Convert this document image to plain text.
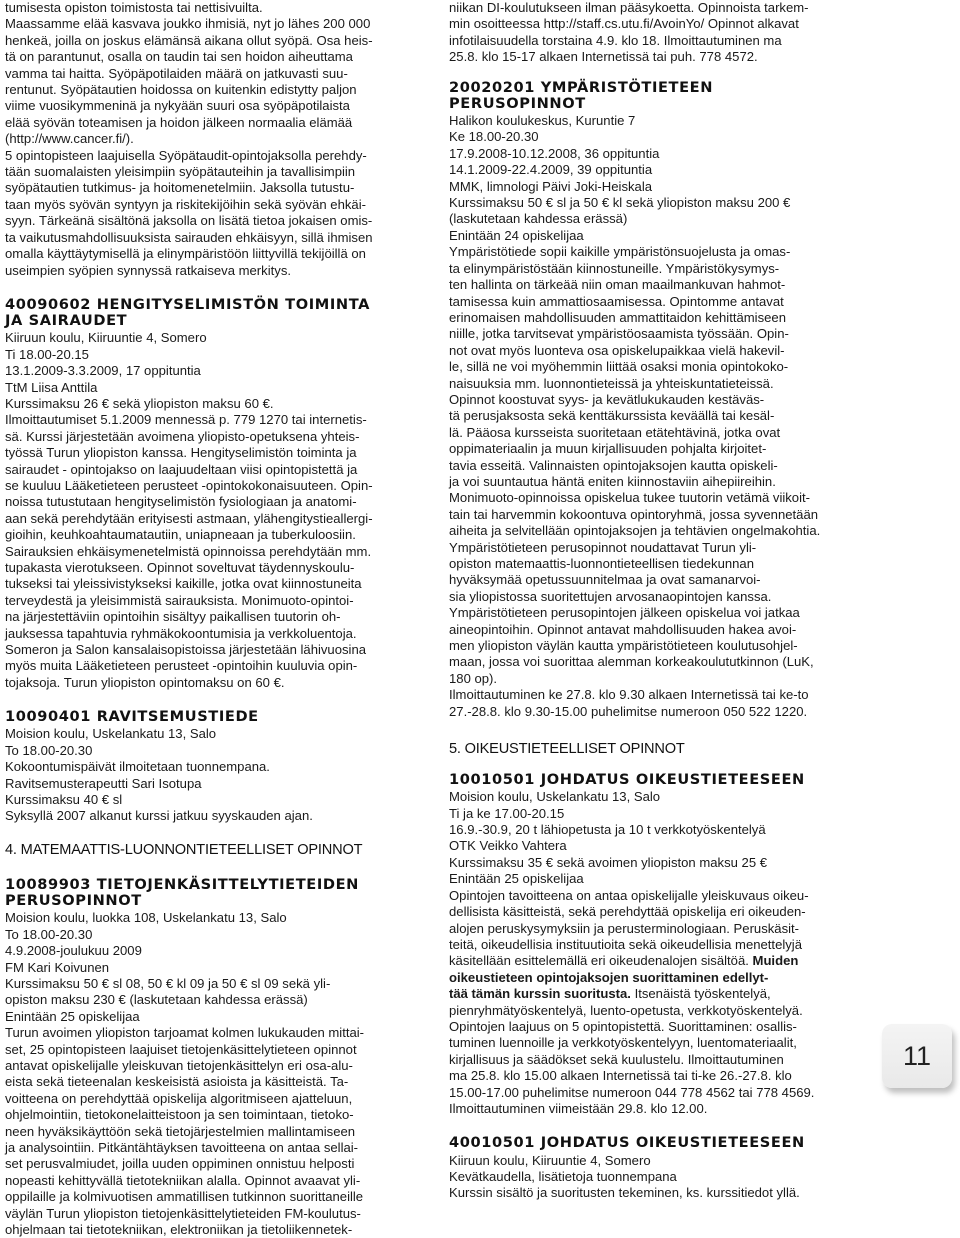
tumisesta opiston toimistosta tai nettisivuilta.
Maassamme elää kasvava joukko ihmisiä, nyt jo lähes 200 000
henkeä, joilla on joskus elämänsä aikana ollut syöpä. Osa heis-
tä on parantunut, osalla on taudin tai sen hoidon aiheuttama
vamma tai haitta. Syöpäpotilaiden määrä on jatkuvasti suu-
rentunut. Syöpätautien hoidossa on kuitenkin edistytty paljon
viime vuosikymmeninä ja nykyään suuri osa syöpäpotilaista
elää syövän toteamisen ja hoidon jälkeen normaalia elämää
(http://www.cancer.fi/).
5 opintopisteen laajuisella Syöpätaudit-opintojaksolla perehdy-
tään suomalaisten yleisimpiin syöpätauteihin ja tavallisimpiin
syöpätautien tutkimus- ja hoitomenetelmiin. Jaksolla tutustu-
taan myös syövän syntyyn ja riskitekijöihin sekä syövän ehkäi-
syyn. Tärkeänä sisältönä jaksolla on lisätä tietoa jokaisen omis-
ta vaikutusmahdollisuuksista sairauden ehkäisyyn, sillä ihmisen
omalla käyttäytymisellä ja elinympäristöön liittyvillä tekijöillä on
useimpien syöpien synnyssä ratkaiseva merkitys.
40090602 HENGITYSELIMISTÖN TOIMINTA
JA SAIRAUDET
Kiiruun koulu, Kiiruuntie 4, Somero
Ti 18.00-20.15
13.1.2009-3.3.2009, 17 oppituntia
TtM Liisa Anttila
Kurssimaksu 26 € sekä yliopiston maksu 60 €.
Ilmoittautumiset 5.1.2009 mennessä p. 779 1270 tai internetis-
sä. Kurssi järjestetään avoimena yliopisto-opetuksena yhteis-
työssä Turun yliopiston kanssa. Hengityselimistön toiminta ja
sairaudet - opintojakso on laajuudeltaan viisi opintopistettä ja
se kuuluu Lääketieteen perusteet -opintokokonaisuuteen. Opin-
noissa tutustutaan hengityselimistön fysiologiaan ja anatomi-
aan sekä perehdytään erityisesti astmaan, ylähengitystieallergi-
gioihin, keuhkoahtaumatautiin, uniapneaan ja tuberkuloosiin.
Sairauksien ehkäisymenetelmistä opinnoissa perehdytään mm.
tupakasta vierotukseen. Opinnot soveltuvat täydennyskoulu-
tukseksi tai yleissivistykseksi kaikille, jotka ovat kiinnostuneita
terveydestä ja yleisimmistä sairauksista. Monimuoto-opintoi-
na järjestettäviin opintoihin sisältyy paikallisen tuutorin oh-
jauksessa tapahtuvia ryhmäkokoontumisia ja verkkoluentoja.
Someron ja Salon kansalaisopistoissa järjestetään lähivuosina
myös muita Lääketieteen perusteet -opintoihin kuuluvia opin-
tojaksoja. Turun yliopiston opintomaksu on 60 €.
10090401 RAVITSEMUSTIEDE
Moision koulu, Uskelankatu 13, Salo
To 18.00-20.30
Kokoontumispäivät ilmoitetaan tuonnempana.
Ravitsemusterapeutti Sari Isotupa
Kurssimaksu 40 € sl
Syksyllä 2007 alkanut kurssi jatkuu syyskauden ajan.
4. MATEMAATTIS-LUONNONTIETEELLISET OPINNOT
10089903 TIETOJENKÄSITTELYTIETEIDEN
PERUSOPINNOT
Moision koulu, luokka 108, Uskelankatu 13, Salo
To 18.00-20.30
4.9.2008-joulukuu 2009
FM Kari Koivunen
Kurssimaksu 50 € sl 08, 50 € kl 09 ja 50 € sl 09 sekä yli-
opiston maksu 230 € (laskutetaan kahdessa erässä)
Enintään 25 opiskelijaa
Turun avoimen yliopiston tarjoamat kolmen lukukauden mittai-
set, 25 opintopisteen laajuiset tietojenkäsittelytieteen opinnot
antavat opiskelijalle yleiskuvan tietojenkäsittelyn eri osa-alu-
eista sekä tieteenalan keskeisistä asioista ja käsitteistä. Ta-
voitteena on perehdyttää opiskelija algoritmiseen ajatteluun,
ohjelmointiin, tietokonelaitteistoon ja sen toimintaan, tietoko-
neen hyväksikäyttöön sekä tietojärjestelmien mallintamiseen
ja analysointiin. Pitkäntähtäyksen tavoitteena on antaa sellai-
set perusvalmiudet, joilla uuden oppiminen onnistuu helposti
nopeasti kehittyvällä tietotekniikan alalla. Opinnot avaavat yli-
oppilaille ja kolmivuotisen ammatillisen tutkinnon suorittaneille
väylän Turun yliopiston tietojenkäsittelytieteiden FM-koulutus-
ohjelmaan tai tietotekniikan, elektroniikan ja tietoliikennetek-
niikan DI-koulutukseen ilman pääsykoetta. Opinnoista tarkem-
min osoitteessa http://staff.cs.utu.fi/AvoinYo/ Opinnot alkavat
infotilaisuudella torstaina 4.9. klo 18. Ilmoittautuminen ma
25.8. klo 15-17 alkaen Internetissä tai puh. 778 4572.
20020201 YMPÄRISTÖTIETEEN
PERUSOPINNOT
Halikon koulukeskus, Kuruntie 7
Ke 18.00-20.30
17.9.2008-10.12.2008, 36 oppituntia
14.1.2009-22.4.2009, 39 oppituntia
MMK, limnologi Päivi Joki-Heiskala
Kurssimaksu 50 € sl ja 50 € kl sekä yliopiston maksu 200 €
(laskutetaan kahdessa erässä)
Enintään 24 opiskelijaa
Ympäristötiede sopii kaikille ympäristönsuojelusta ja omas-
ta elinympäristöstään kiinnostuneille. Ympäristökysymys-
ten hallinta on tärkeää niin oman maailmankuvan hahmot-
tamisessa kuin ammattiosaamisessa. Opintomme antavat
erinomaisen mahdollisuuden ammattitaidon kehittämiseen
niille, jotka tarvitsevat ympäristöosaamista työssään. Opin-
not ovat myös luonteva osa opiskelupaikkaa vielä hakevil-
le, sillä ne voi myöhemmin liittää osaksi monia opintokoko-
naisuuksia mm. luonnontieteissä ja yhteiskuntatieteissä.
Opinnot koostuvat syys- ja kevätlukukauden kestäväs-
tä perusjaksosta sekä kenttäkurssista keväällä tai kesäl-
lä. Pääosa kursseista suoritetaan etätehtävinä, jotka ovat
oppimateriaalin ja muun kirjallisuuden pohjalta kirjoitet-
tavia esseitä. Valinnaisten opintojaksojen kautta opiskeli-
ja voi suuntautua häntä eniten kiinnostaviin aihepiireihin.
Monimuoto-opinnoissa opiskelua tukee tuutorin vetämä viikoit-
tain tai harvemmin kokoontuva opintoryhmä, jossa syvennetään
aiheita ja selvitellään opintojaksojen ja tehtävien ongelmakohtia.
Ympäristötieteen perusopinnot noudattavat Turun yli-
opiston matemaattis-luonnontieteellisen tiedekunnan
hyväksymää opetussuunnitelmaa ja ovat samanarvoi-
sia yliopistossa suoritettujen arvosanaopintojen kanssa.
Ympäristötieteen perusopintojen jälkeen opiskelua voi jatkaa
aineopintoihin. Opinnot antavat mahdollisuuden hakea avoi-
men yliopiston väylän kautta ympäristötieteen koulutusohjel-
maan, jossa voi suorittaa alemman korkeakoulututkinnon (LuK,
180 op).
Ilmoittautuminen ke 27.8. klo 9.30 alkaen Internetissä tai ke-to
27.-28.8. klo 9.30-15.00 puhelimitse numeroon 050 522 1220.
5. OIKEUSTIETEELLISET OPINNOT
10010501 JOHDATUS OIKEUSTIETEESEEN
Moision koulu, Uskelankatu 13, Salo
Ti ja ke 17.00-20.15
16.9.-30.9, 20 t lähiopetusta ja 10 t verkkotyöskentelyä
OTK Veikko Vahtera
Kurssimaksu 35 € sekä avoimen yliopiston maksu 25 €
Enintään 25 opiskelijaa
Opintojen tavoitteena on antaa opiskelijalle yleiskuvaus oikeu-
dellisista käsitteistä, sekä perehdyttää opiskelija eri oikeuden-
alojen peruskysymyksiin ja perusterminologiaan. Peruskäsit-
teitä, oikeudellisia instituutioita sekä oikeudellisia menettelyjä
käsitellään esittelemällä eri oikeudenalojen sisältöä. Muiden
oikeustieteen opintojaksojen suorittaminen edellyt-
tää tämän kurssin suoritusta. Itsenäistä työskentelyä,
pienryhmätyöskentelyä, luento-opetusta, verkkotyöskentelyä.
Opintojen laajuus on 5 opintopistettä. Suorittaminen: osallis-
tuminen luennoille ja verkkotyöskentelyyn, luentomateriaalit,
kirjallisuus ja säädökset sekä kuulustelu. Ilmoittautuminen
ma 25.8. klo 15.00 alkaen Internetissä tai ti-ke 26.-27.8. klo
15.00-17.00 puhelimitse numeroon 044 778 4562 tai 778 4569.
Ilmoittautuminen viimeistään 29.8. klo 12.00.
40010501 JOHDATUS OIKEUSTIETEESEEN
Kiiruun koulu, Kiiruuntie 4, Somero
Kevätkaudella, lisätietoja tuonnempana
Kurssin sisältö ja suoritusten tekeminen, ks. kurssitiedot yllä.
11
